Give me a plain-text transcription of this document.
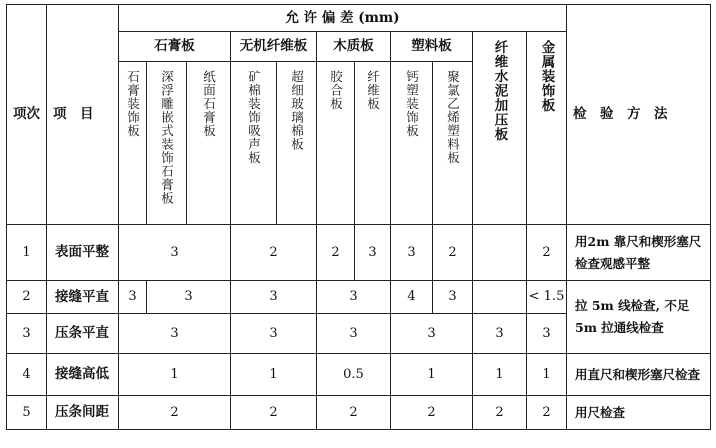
项次	项　目	允 许 偏 差 (mm)											检　验　方　法
		石膏板			无机纤维板		木质板		塑料板		纤维水泥加压板	金属装饰板	
		石膏装饰板	深浮雕嵌式装饰石膏板	纸面石膏板	矿棉装饰吸声板	超细玻璃棉板	胶合板	纤维板	钙塑装饰板	聚氯乙烯塑料板			
1	表面平整	3			2		2	3	3	2		2	用2m 靠尺和楔形塞尺检查观感平整
2	接缝平直	3	3		3		3		4	3		< 1.5	拉 5m 线检查, 不足 5m 拉通线检查
3	压条平直	3			3		3		3		3	3	
4	接缝高低	1			1		0.5		1		1	1	用直尺和楔形塞尺检查
5	压条间距	2			2		2		2		2	2	用尺检查
